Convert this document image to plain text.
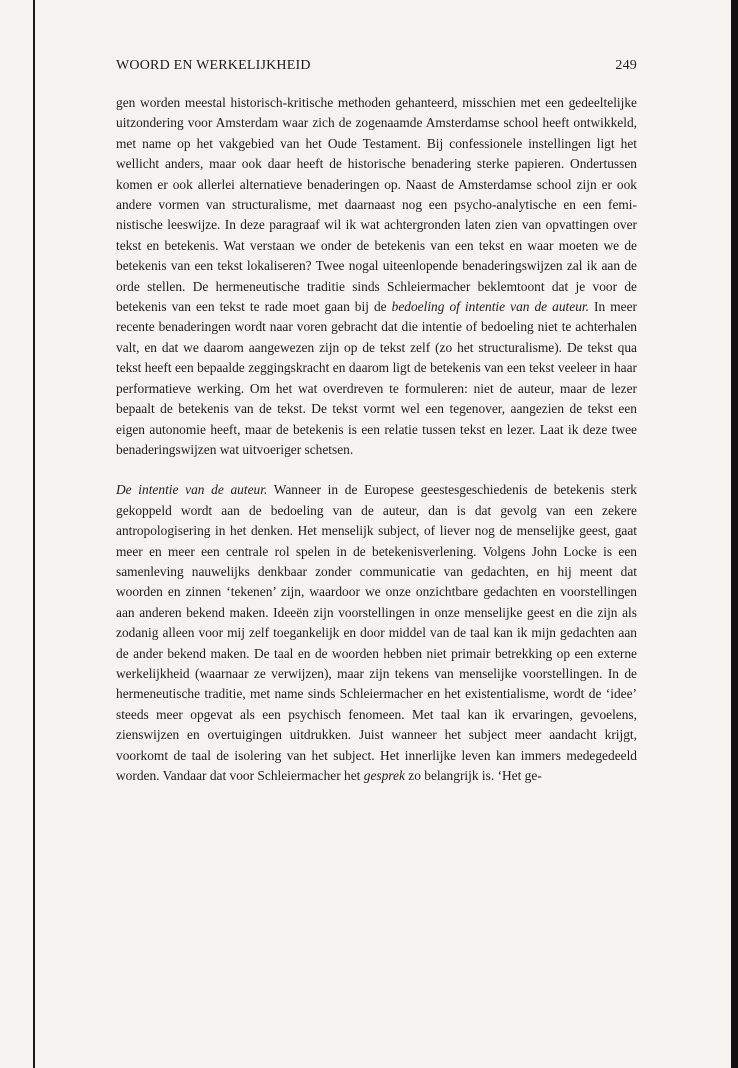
WOORD EN WERKELIJKHEID	249

gen worden meestal historisch-kritische methoden gehanteerd, misschien met een gedeeltelijke uitzondering voor Amsterdam waar zich de zogenaamde Amsterdamse school heeft ontwikkeld, met name op het vakgebied van het Oude Testament. Bij confessionele instellingen ligt het wellicht anders, maar ook daar heeft de historische benadering sterke papieren. Ondertussen komen er ook allerlei alternatieve benaderingen op. Naast de Amsterdamse school zijn er ook andere vormen van structuralisme, met daarnaast nog een psycho-analytische en een feministische leeswijze. In deze paragraaf wil ik wat achtergronden laten zien van opvattingen over tekst en betekenis. Wat verstaan we onder de betekenis van een tekst en waar moeten we de betekenis van een tekst lokaliseren? Twee nogal uiteenlopende benaderingswijzen zal ik aan de orde stellen. De hermeneutische traditie sinds Schleiermacher beklemtoont dat je voor de betekenis van een tekst te rade moet gaan bij de bedoeling of intentie van de auteur. In meer recente benaderingen wordt naar voren gebracht dat die intentie of bedoeling niet te achterhalen valt, en dat we daarom aangewezen zijn op de tekst zelf (zo het structuralisme). De tekst qua tekst heeft een bepaalde zeggingskracht en daarom ligt de betekenis van een tekst veeleer in haar performatieve werking. Om het wat overdreven te formuleren: niet de auteur, maar de lezer bepaalt de betekenis van de tekst. De tekst vormt wel een tegenover, aangezien de tekst een eigen autonomie heeft, maar de betekenis is een relatie tussen tekst en lezer. Laat ik deze twee benaderingswijzen wat uitvoeriger schetsen.

De intentie van de auteur. Wanneer in de Europese geestesgeschiedenis de betekenis sterk gekoppeld wordt aan de bedoeling van de auteur, dan is dat gevolg van een zekere antropologisering in het denken. Het menselijk subject, of liever nog de menselijke geest, gaat meer en meer een centrale rol spelen in de betekenisverlening. Volgens John Locke is een samenleving nauwelijks denkbaar zonder communicatie van gedachten, en hij meent dat woorden en zinnen ‘tekenen’ zijn, waardoor we onze onzichtbare gedachten en voorstellingen aan anderen bekend maken. Ideeën zijn voorstellingen in onze menselijke geest en die zijn als zodanig alleen voor mij zelf toegankelijk en door middel van de taal kan ik mijn gedachten aan de ander bekend maken. De taal en de woorden hebben niet primair betrekking op een externe werkelijkheid (waarnaar ze verwijzen), maar zijn tekens van menselijke voorstellingen. In de hermeneutische traditie, met name sinds Schleiermacher en het existentialisme, wordt de ‘idee’ steeds meer opgevat als een psychisch fenomeen. Met taal kan ik ervaringen, gevoelens, zienswijzen en overtuigingen uitdrukken. Juist wanneer het subject meer aandacht krijgt, voorkomt de taal de isolering van het subject. Het innerlijke leven kan immers medegedeeld worden. Vandaar dat voor Schleiermacher het gesprek zo belangrijk is. ‘Het ge-
